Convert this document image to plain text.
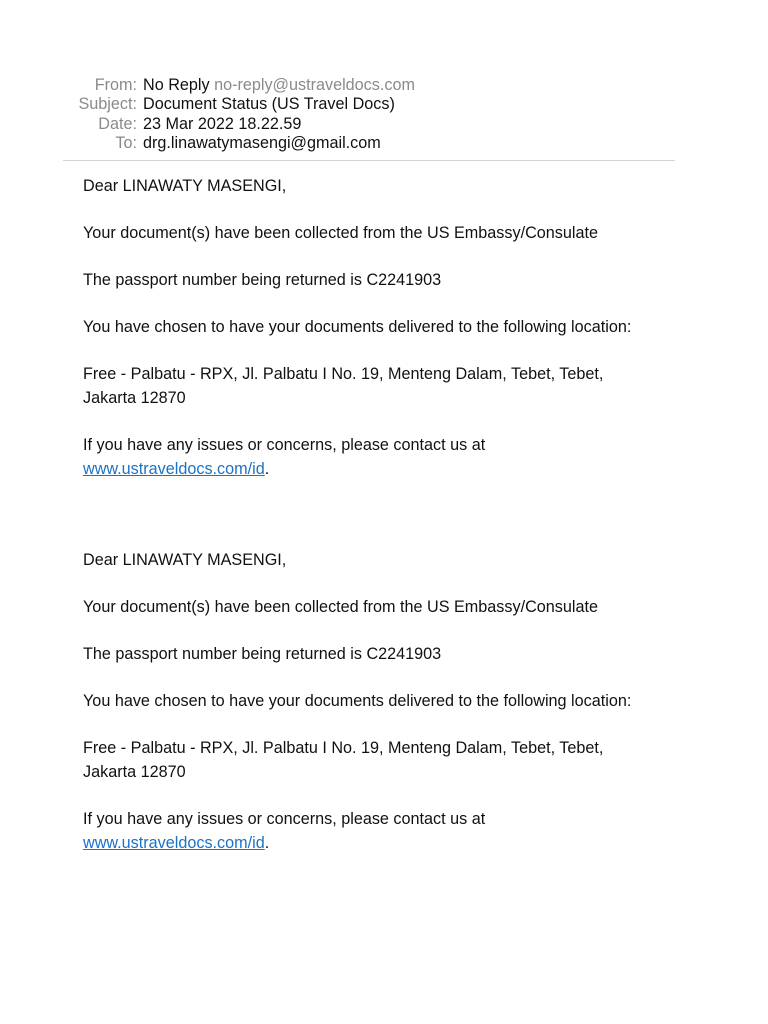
From: No Reply no-reply@ustraveldocs.com
Subject: Document Status (US Travel Docs)
Date: 23 Mar 2022 18.22.59
To: drg.linawatymasengi@gmail.com

Dear LINAWATY MASENGI,

Your document(s) have been collected from the US Embassy/Consulate

The passport number being returned is C2241903

You have chosen to have your documents delivered to the following location:

Free - Palbatu - RPX, Jl. Palbatu I No. 19, Menteng Dalam, Tebet, Tebet,

Jakarta 12870

If you have any issues or concerns, please contact us at

www.ustraveldocs.com/id.

Dear LINAWATY MASENGI,

Your document(s) have been collected from the US Embassy/Consulate

The passport number being returned is C2241903

You have chosen to have your documents delivered to the following location:

Free - Palbatu - RPX, Jl. Palbatu I No. 19, Menteng Dalam, Tebet, Tebet,

Jakarta 12870

If you have any issues or concerns, please contact us at

www.ustraveldocs.com/id.
